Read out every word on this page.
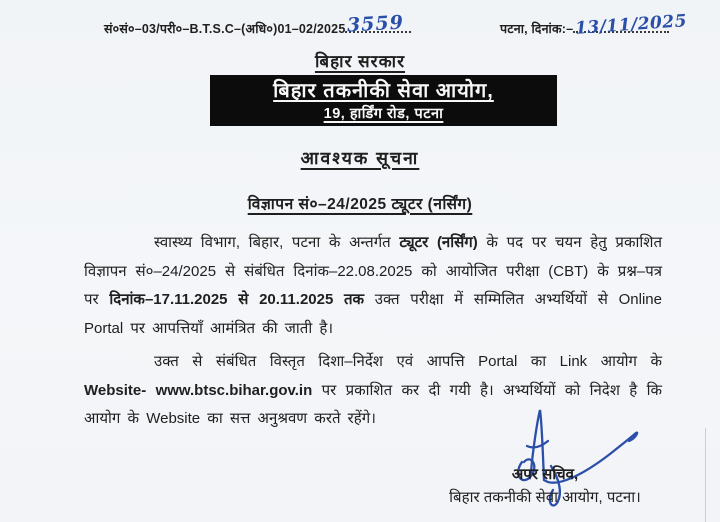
सं०सं०–03/परी०–B.T.S.C–(अधि०)01–02/2025 3559	पटना, दिनांक:– 13/11/2025
बिहार सरकार
बिहार तकनीकी सेवा आयोग,
19, हार्डिंग रोड, पटना
आवश्यक सूचना
विज्ञापन सं०–24/2025 ट्यूटर (नर्सिंग)

स्वास्थ्य विभाग, बिहार, पटना के अन्तर्गत ट्यूटर (नर्सिंग) के पद पर चयन हेतु प्रकाशित विज्ञापन सं०–24/2025 से संबंधित दिनांक–22.08.2025 को आयोजित परीक्षा (CBT) के प्रश्न–पत्र पर दिनांक–17.11.2025 से 20.11.2025 तक उक्त परीक्षा में सम्मिलित अभ्यर्थियों से Online Portal पर आपत्तियाँ आमंत्रित की जाती है।

उक्त से संबंधित विस्तृत दिशा–निर्देश एवं आपत्ति Portal का Link आयोग के Website- www.btsc.bihar.gov.in पर प्रकाशित कर दी गयी है। अभ्यर्थियों को निदेश है कि आयोग के Website का सत्त अनुश्रवण करते रहेंगे।

अपर सचिव,
बिहार तकनीकी सेवा आयोग, पटना।
